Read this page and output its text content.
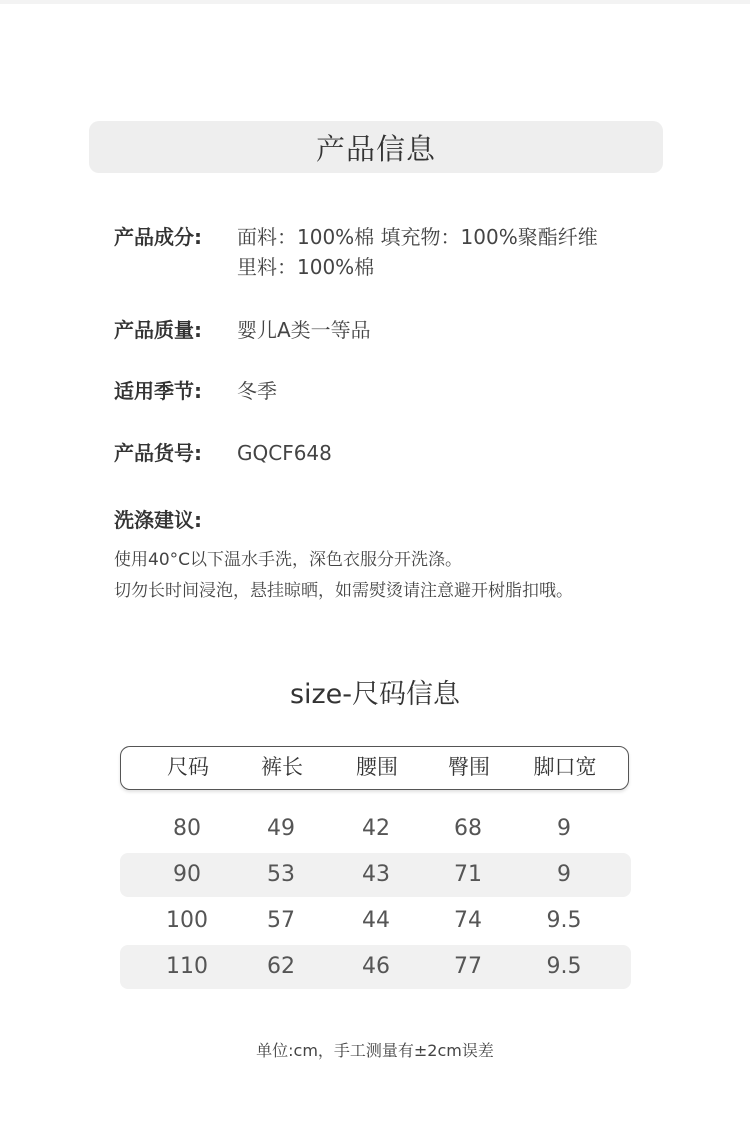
产品信息
产品成分:	面料：100%棉 填充物：100%聚酯纤维
里料：100%棉
产品质量:	婴儿A类一等品
适用季节:	冬季
产品货号:	GQCF648
洗涤建议:
使用40°C以下温水手洗，深色衣服分开洗涤。
切勿长时间浸泡，悬挂晾晒，如需熨烫请注意避开树脂扣哦。
size-尺码信息
尺码	裤长	腰围	臀围	脚口宽
80	49	42	68	9
90	53	43	71	9
100	57	44	74	9.5
110	62	46	77	9.5
单位:cm，手工测量有±2cm误差
